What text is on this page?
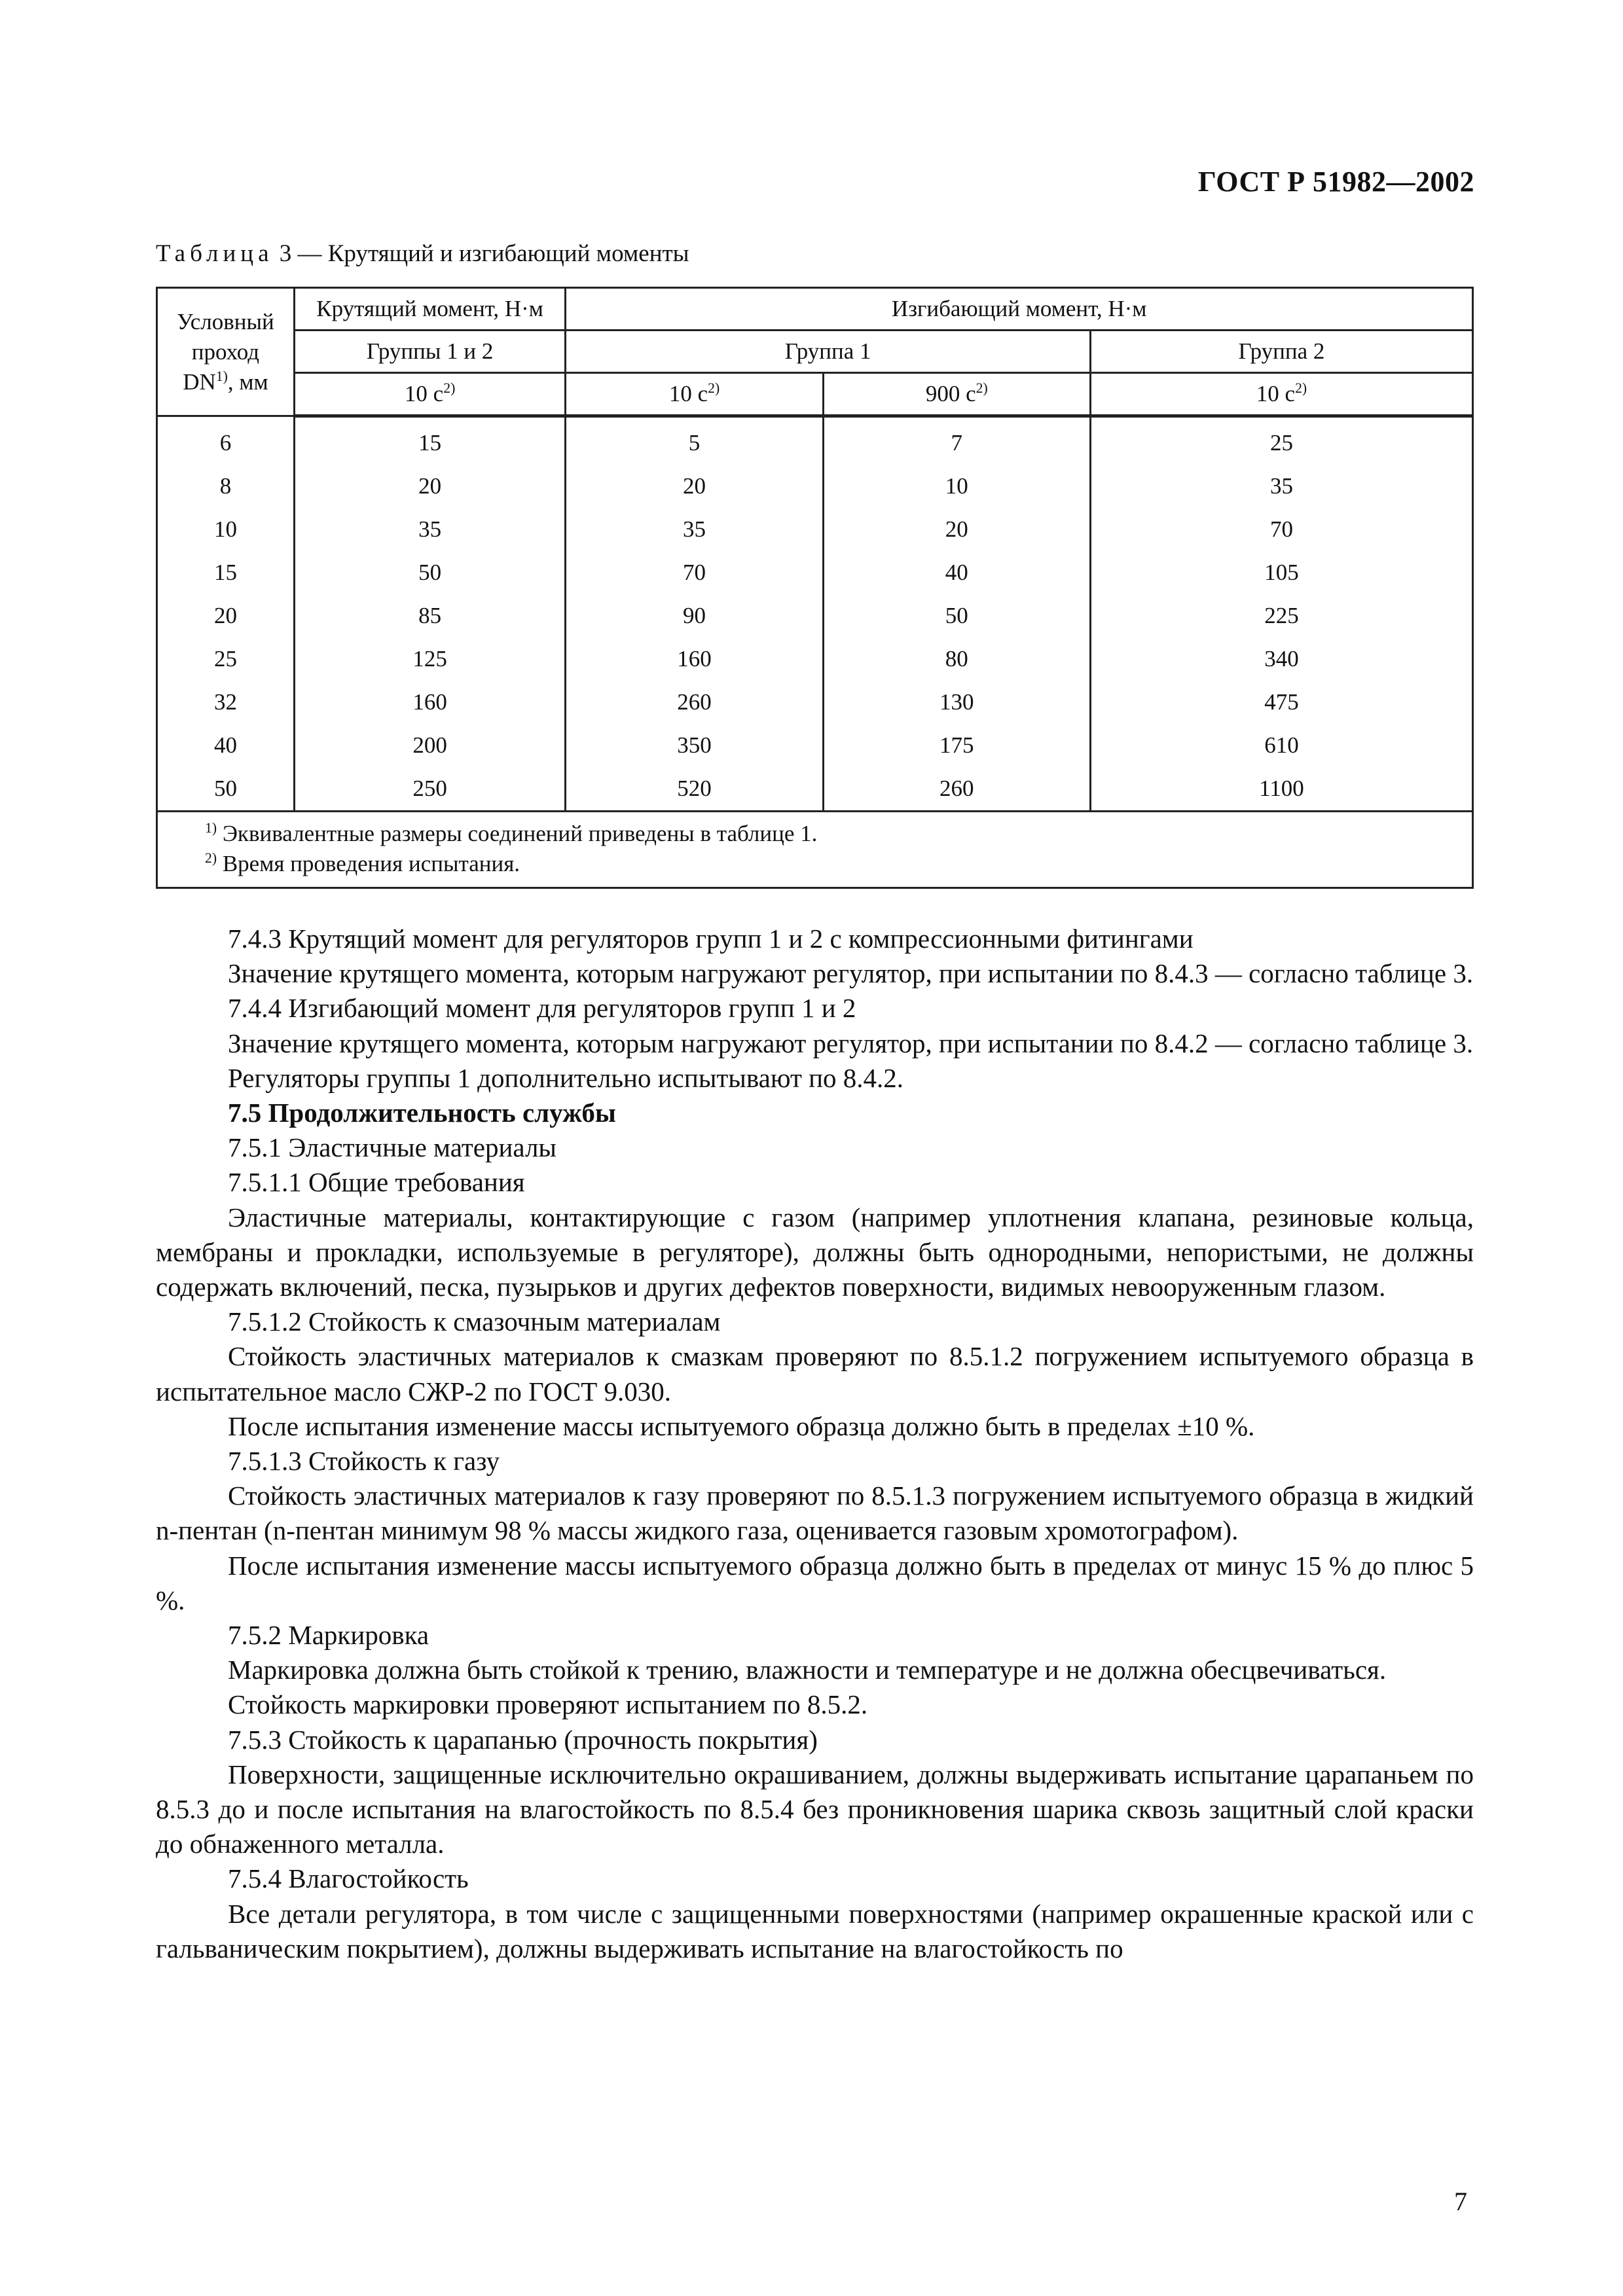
ГОСТ Р 51982—2002
Таблица 3 — Крутящий и изгибающий моменты
Условный проход
DN$^{1)}$, мм	Крутящий момент, Н·м	Изгибающий момент, Н·м		
	Группы 1 и 2	Группа 1		Группа 2
	10 $с^{2)}$	10 $с^{2)}$	900 $с^{2)}$	10 $с^{2)}$
6	15	5	7	25
8	20	20	10	35
10	35	35	20	70
15	50	70	40	105
20	85	90	50	225
25	125	160	80	340
32	160	260	130	475
40	200	350	175	610
50	250	520	260	1100

$^{1)}$ Эквивалентные размеры соединений приведены в таблице 1.
$^{2)}$ Время проведения испытания.				

7.4.3 Крутящий момент для регуляторов групп 1 и 2 с компрессионными фитингами

Значение крутящего момента, которым нагружают регулятор, при испытании по 8.4.3 — согласно таблице 3.

7.4.4 Изгибающий момент для регуляторов групп 1 и 2

Значение крутящего момента, которым нагружают регулятор, при испытании по 8.4.2 — согласно таблице 3.

Регуляторы группы 1 дополнительно испытывают по 8.4.2.

7.5 Продолжительность службы

7.5.1 Эластичные материалы

7.5.1.1 Общие требования

Эластичные материалы, контактирующие с газом (например уплотнения клапана, резиновые кольца, мембраны и прокладки, используемые в регуляторе), должны быть однородными, непористыми, не должны содержать включений, песка, пузырьков и других дефектов поверхности, видимых невооруженным глазом.

7.5.1.2 Стойкость к смазочным материалам

Стойкость эластичных материалов к смазкам проверяют по 8.5.1.2 погружением испытуемого образца в испытательное масло СЖР-2 по ГОСТ 9.030.

После испытания изменение массы испытуемого образца должно быть в пределах ±10 %.

7.5.1.3 Стойкость к газу

Стойкость эластичных материалов к газу проверяют по 8.5.1.3 погружением испытуемого образца в жидкий n-пентан (n-пентан минимум 98 % массы жидкого газа, оценивается газовым хромотографом).

После испытания изменение массы испытуемого образца должно быть в пределах от минус 15 % до плюс 5 %.

7.5.2 Маркировка

Маркировка должна быть стойкой к трению, влажности и температуре и не должна обесцвечиваться.

Стойкость маркировки проверяют испытанием по 8.5.2.

7.5.3 Стойкость к царапанью (прочность покрытия)

Поверхности, защищенные исключительно окрашиванием, должны выдерживать испытание царапаньем по 8.5.3 до и после испытания на влагостойкость по 8.5.4 без проникновения шарика сквозь защитный слой краски до обнаженного металла.

7.5.4 Влагостойкость

Все детали регулятора, в том числе с защищенными поверхностями (например окрашенные краской или с гальваническим покрытием), должны выдерживать испытание на влагостойкость по

7
